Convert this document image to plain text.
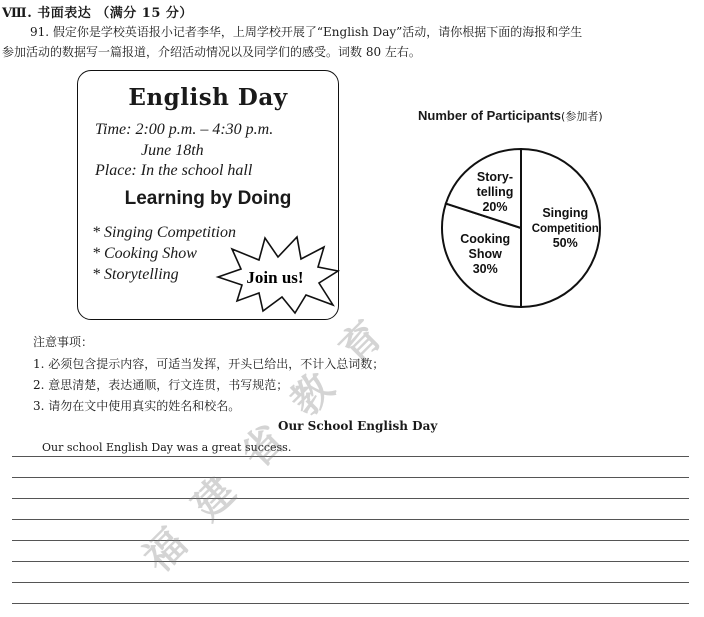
Ⅷ. 书面表达 （满分 15 分）
91. 假定你是学校英语报小记者李华，上周学校开展了“English Day”活动，请你根据下面的海报和学生
参加活动的数据写一篇报道，介绍活动情况以及同学们的感受。词数 80 左右。
English Day
Time: 2:00 p.m. – 4:30 p.m.
June 18th
Place: In the school hall
Learning by Doing
* Singing Competition
* Cooking Show
* Storytelling	Join us!
Number of Participants(参加者)
Singing
Competition
50%
Cooking
Show
30%
Story-
telling
20%
注意事项：
1. 必须包含提示内容，可适当发挥，开头已给出，不计入总词数；
2. 意思清楚，表达通顺，行文连贯，书写规范；
3. 请勿在文中使用真实的姓名和校名。
Our School English Day
Our school English Day was a great success.
福
建
省
教
育
